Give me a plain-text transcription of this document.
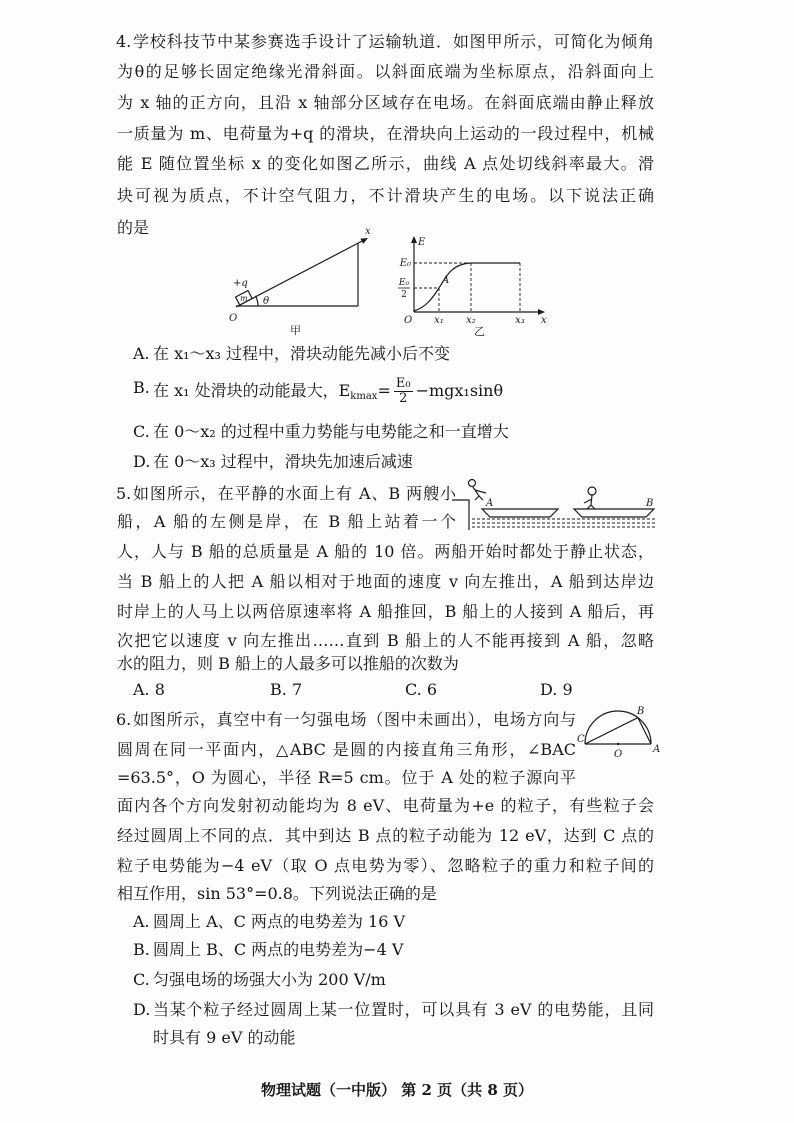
4. 学校科技节中某参赛选手设计了运输轨道．如图甲所示，可简化为倾角
为θ的足够长固定绝缘光滑斜面。以斜面底端为坐标原点，沿斜面向上
为 x 轴的正方向，且沿 x 轴部分区域存在电场。在斜面底端由静止释放
一质量为 m、电荷量为+q 的滑块，在滑块向上运动的一段过程中，机械
能 E 随位置坐标 x 的变化如图乙所示，曲线 A 点处切线斜率最大。滑
块可视为质点，不计空气阻力，不计滑块产生的电场。以下说法正确
的是	x
m
+q
O
θ
甲
E
x
O
E₀
E₀
2
A
x₁ x₂	x₃
乙
A. 在 x₁～x₃ 过程中，滑块动能先减小后不变
B. 在 x₁ 处滑块的动能最大，$E_{kmax}= \frac{\text{E₀}}{2} -mgx_1\sin\theta$
C. 在 0～x₂ 的过程中重力势能与电势能之和一直增大
D. 在 0～x₃ 过程中，滑块先加速后减速
5. 如图所示，在平静的水面上有 A、B 两艘小
船，A 船的左侧是岸，在 B 船上站着一个
人，人与 B 船的总质量是 A 船的 10 倍。两船开始时都处于静止状态，
当 B 船上的人把 A 船以相对于地面的速度 v 向左推出，A 船到达岸边
时岸上的人马上以两倍原速率将 A 船推回，B 船上的人接到 A 船后，再
次把它以速度 v 向左推出……直到 B 船上的人不能再接到 A 船，忽略
水的阻力，则 B 船上的人最多可以推船的次数为
A	B
A. 8	B. 7	C. 6	D. 9
6. 如图所示，真空中有一匀强电场（图中未画出），电场方向与
圆周在同一平面内，△ABC 是圆的内接直角三角形，∠BAC
=63.5°，O 为圆心，半径 R=5 cm。位于 A 处的粒子源向平
面内各个方向发射初动能均为 8 eV、电荷量为+e 的粒子，有些粒子会
经过圆周上不同的点．其中到达 B 点的粒子动能为 12 eV，达到 C 点的
粒子电势能为−4 eV（取 O 点电势为零）、忽略粒子的重力和粒子间的
相互作用，sin 53°=0.8。下列说法正确的是
C
B
A
O
A. 圆周上 A、C 两点的电势差为 16 V
B. 圆周上 B、C 两点的电势差为−4 V
C. 匀强电场的场强大小为 200 V/m
D. 当某个粒子经过圆周上某一位置时，可以具有 3 eV 的电势能，且同
时具有 9 eV 的动能
物理试题（一中版） 第 2 页（共 8 页）
